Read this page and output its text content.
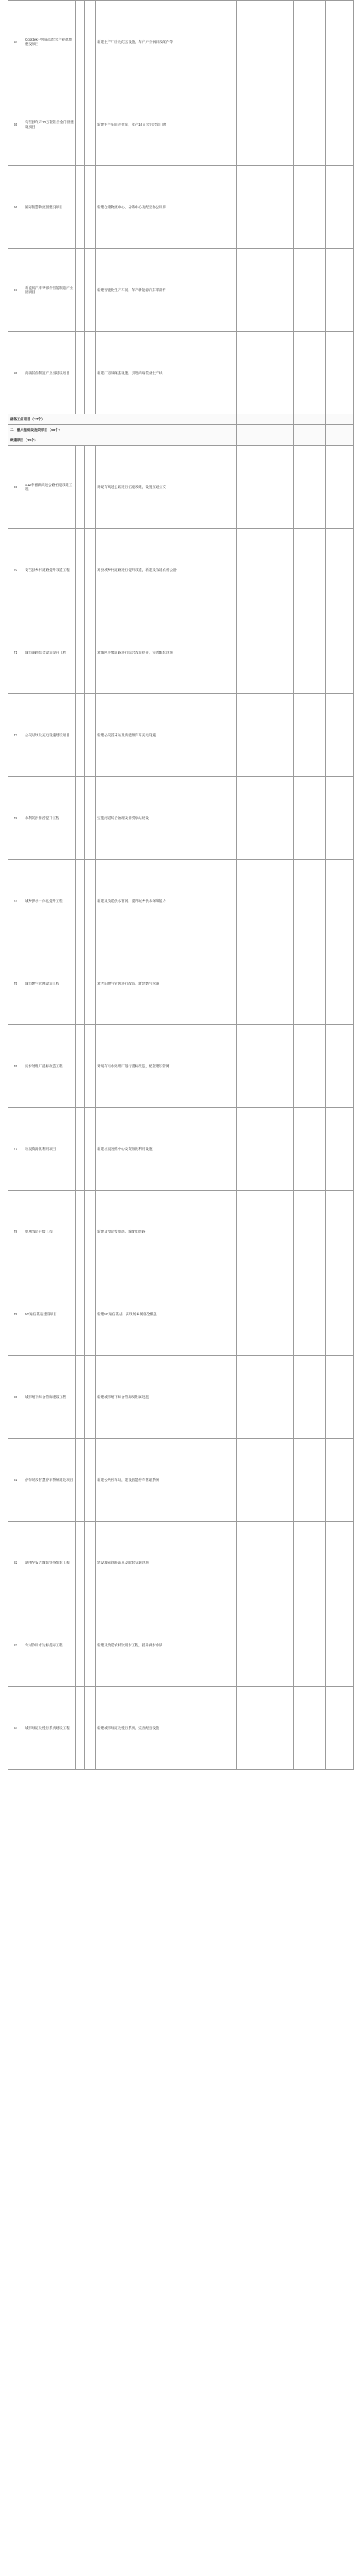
64	Cooktek户外锅具配套产业基地建设项目			新建生产厂房及配套设施，年产户外锅具及配件等					
65	安吉县年产10万套铝合金门窗建设项目			新建生产车间及仓库，年产10万套铝合金门窗					
66	国际智慧物流园建设项目			新建仓储物流中心、分拣中心及配套办公用房					
67	新能源汽车零部件智能制造产业园项目			新建智能化生产车间，年产新能源汽车零部件					
68	高端装备制造产业园建设项目			新建厂房及配套设施，引进高端装备生产线					
储备工业项目（27个）									
二、重大基础设施类项目（95个）									
续建项目（33个）									
69	S12申嘉湖高速公路拓宽改建工程			对现有高速公路进行拓宽改建，设置互通立交					
70	安吉县乡村道路提升改造工程			对县域乡村道路进行提升改造，新建及改建农村公路					
71	城市道路综合改造提升工程			对城区主要道路进行综合改造提升，完善配套设施					
72	公交站场及充电设施建设项目			新建公交首末站及新能源汽车充电设施					
73	水利防洪排涝提升工程			实施河道综合治理及排涝泵站建设					
74	城乡供水一体化提升工程			新建及改造供水管网，提升城乡供水保障能力					
75	城市燃气管网改造工程			对老旧燃气管网进行改造，新建燃气管道					
76	污水处理厂提标改造工程			对现有污水处理厂进行提标改造，配套建设管网					
77	垃圾资源化利用项目			新建垃圾分拣中心及资源化利用设施					
78	电网改造升级工程			新建及改造变电站、输配电线路					
79	5G通信基站建设项目			新建5G通信基站，实现城乡网络全覆盖					
80	城市地下综合管廊建设工程			新建城市地下综合管廊及附属设施					
81	停车场及智慧停车系统建设项目			新建公共停车场，建设智慧停车管理系统					
82	湖州至安吉城际铁路配套工程			建设城际铁路站点及配套交通设施					
83	农村饮用水达标提标工程			新建及改造农村饮用水工程，提升供水水质					
84	城市绿道及慢行系统建设工程			新建城市绿道及慢行系统，完善配套设施					
